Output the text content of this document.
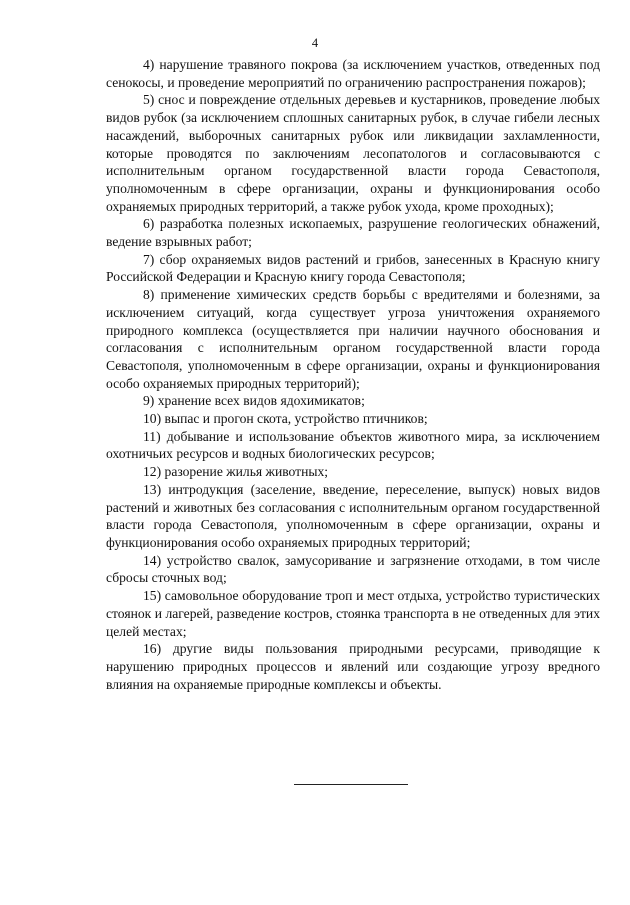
4

4) нарушение травяного покрова (за исключением участков, отведенных под сенокосы, и проведение мероприятий по ограничению распространения пожаров);

5) снос и повреждение отдельных деревьев и кустарников, проведение любых видов рубок (за исключением сплошных санитарных рубок, в случае гибели лесных насаждений, выборочных санитарных рубок или ликвидации захламленности, которые проводятся по заключениям лесопатологов и согласовываются с исполнительным органом государственной власти города Севастополя, уполномоченным в сфере организации, охраны и функционирования особо охраняемых природных территорий, а также рубок ухода, кроме проходных);

6) разработка полезных ископаемых, разрушение геологических обнажений, ведение взрывных работ;

7) сбор охраняемых видов растений и грибов, занесенных в Красную книгу Российской Федерации и Красную книгу города Севастополя;

8) применение химических средств борьбы с вредителями и болезнями, за исключением ситуаций, когда существует угроза уничтожения охраняемого природного комплекса (осуществляется при наличии научного обоснования и согласования с исполнительным органом государственной власти города Севастополя, уполномоченным в сфере организации, охраны и функционирования особо охраняемых природных территорий);

9) хранение всех видов ядохимикатов;

10) выпас и прогон скота, устройство птичников;

11) добывание и использование объектов животного мира, за исключением охотничьих ресурсов и водных биологических ресурсов;

12) разорение жилья животных;

13) интродукция (заселение, введение, переселение, выпуск) новых видов растений и животных без согласования с исполнительным органом государственной власти города Севастополя, уполномоченным в сфере организации, охраны и функционирования особо охраняемых природных территорий;

14) устройство свалок, замусоривание и загрязнение отходами, в том числе сбросы сточных вод;

15) самовольное оборудование троп и мест отдыха, устройство туристических стоянок и лагерей, разведение костров, стоянка транспорта в не отведенных для этих целей местах;

16) другие виды пользования природными ресурсами, приводящие к нарушению природных процессов и явлений или создающие угрозу вредного влияния на охраняемые природные комплексы и объекты.
